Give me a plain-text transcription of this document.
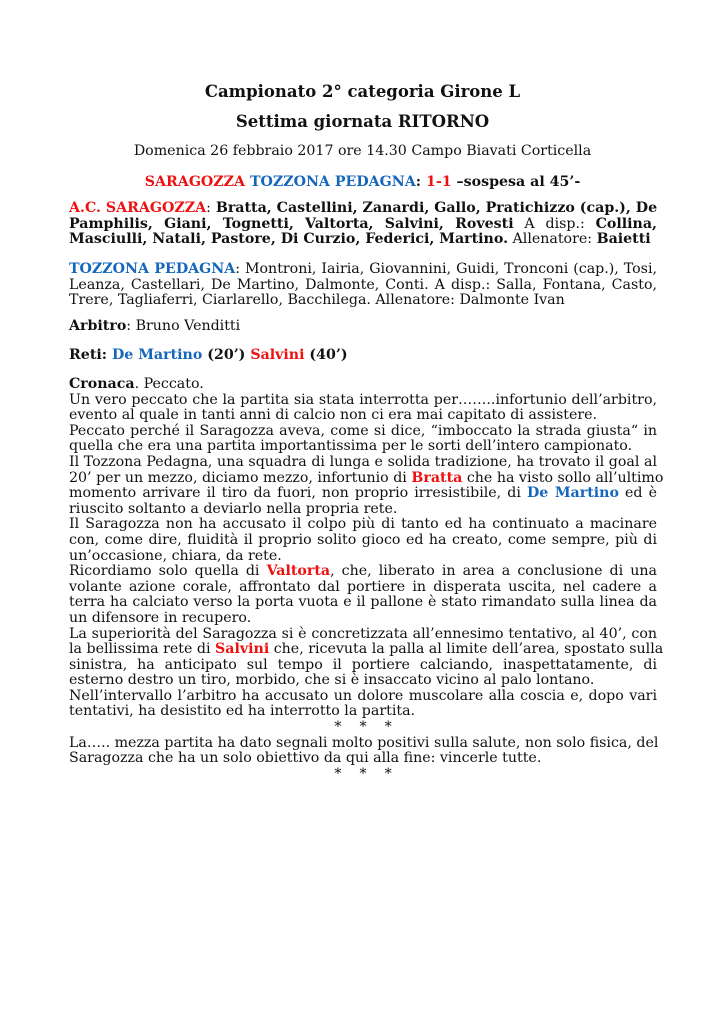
Campionato 2° categoria Girone L
Settima giornata RITORNO
Domenica 26 febbraio 2017 ore 14.30 Campo Biavati Corticella
SARAGOZZA TOZZONA PEDAGNA: 1-1 –sospesa al 45’-
A.C. SARAGOZZA: Bratta, Castellini, Zanardi, Gallo, Pratichizzo (cap.), De
Pamphilis, Giani, Tognetti, Valtorta, Salvini, Rovesti A disp.: Collina,
Masciulli, Natali, Pastore, Di Curzio, Federici, Martino. Allenatore: Baietti
TOZZONA PEDAGNA: Montroni, Iairia, Giovannini, Guidi, Tronconi (cap.), Tosi,
Leanza, Castellari, De Martino, Dalmonte, Conti. A disp.: Salla, Fontana, Casto,
Trere, Tagliaferri, Ciarlarello, Bacchilega. Allenatore: Dalmonte Ivan
Arbitro: Bruno Venditti
Reti: De Martino (20’) Salvini (40’)
Cronaca. Peccato.
Un vero peccato che la partita sia stata interrotta per……..infortunio dell’arbitro,
evento al quale in tanti anni di calcio non ci era mai capitato di assistere.
Peccato perché il Saragozza aveva, come si dice, “imboccato la strada giusta“ in
quella che era una partita importantissima per le sorti dell’intero campionato.
Il Tozzona Pedagna, una squadra di lunga e solida tradizione, ha trovato il goal al
20’ per un mezzo, diciamo mezzo, infortunio di Bratta che ha visto sollo all’ultimo
momento arrivare il tiro da fuori, non proprio irresistibile, di De Martino ed è
riuscito soltanto a deviarlo nella propria rete.
Il Saragozza non ha accusato il colpo più di tanto ed ha continuato a macinare
con, come dire, fluidità il proprio solito gioco ed ha creato, come sempre, più di
un’occasione, chiara, da rete.
Ricordiamo solo quella di Valtorta, che, liberato in area a conclusione di una
volante azione corale, affrontato dal portiere in disperata uscita, nel cadere a
terra ha calciato verso la porta vuota e il pallone è stato rimandato sulla linea da
un difensore in recupero.
La superiorità del Saragozza si è concretizzata all’ennesimo tentativo, al 40’, con
la bellissima rete di Salvini che, ricevuta la palla al limite dell’area, spostato sulla
sinistra, ha anticipato sul tempo il portiere calciando, inaspettatamente, di
esterno destro un tiro, morbido, che si è insaccato vicino al palo lontano.
Nell’intervallo l’arbitro ha accusato un dolore muscolare alla coscia e, dopo vari
tentativi, ha desistito ed ha interrotto la partita.
*    *    *
La….. mezza partita ha dato segnali molto positivi sulla salute, non solo fisica, del
Saragozza che ha un solo obiettivo da qui alla fine: vincerle tutte.
*    *    *
